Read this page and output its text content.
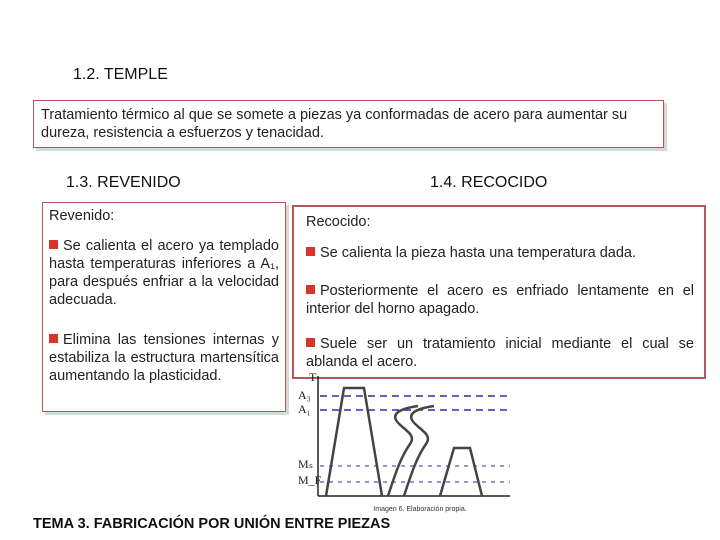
1.2. TEMPLE
Tratamiento térmico al que se somete a piezas ya conformadas de acero para aumentar su dureza, resistencia a esfuerzos y tenacidad.
1.3. REVENIDO	1.4. RECOCIDO
Revenido:
Se calienta el acero ya templado hasta temperaturas inferiores a A₁, para después enfriar a la velocidad adecuada.
Elimina las tensiones internas y estabiliza la estructura martensítica aumentando la plasticidad.
Recocido:
Se calienta la pieza hasta una temperatura dada.
Posteriormente el acero es enfriado lentamente en el interior del horno apagado.
Suele ser un tratamiento inicial mediante el cual se ablanda el acero.
T
A₃
A₁
Mₛ
M_F
Imagen 6. Elaboración propia.
TEMA 3. FABRICACIÓN POR UNIÓN ENTRE PIEZAS
